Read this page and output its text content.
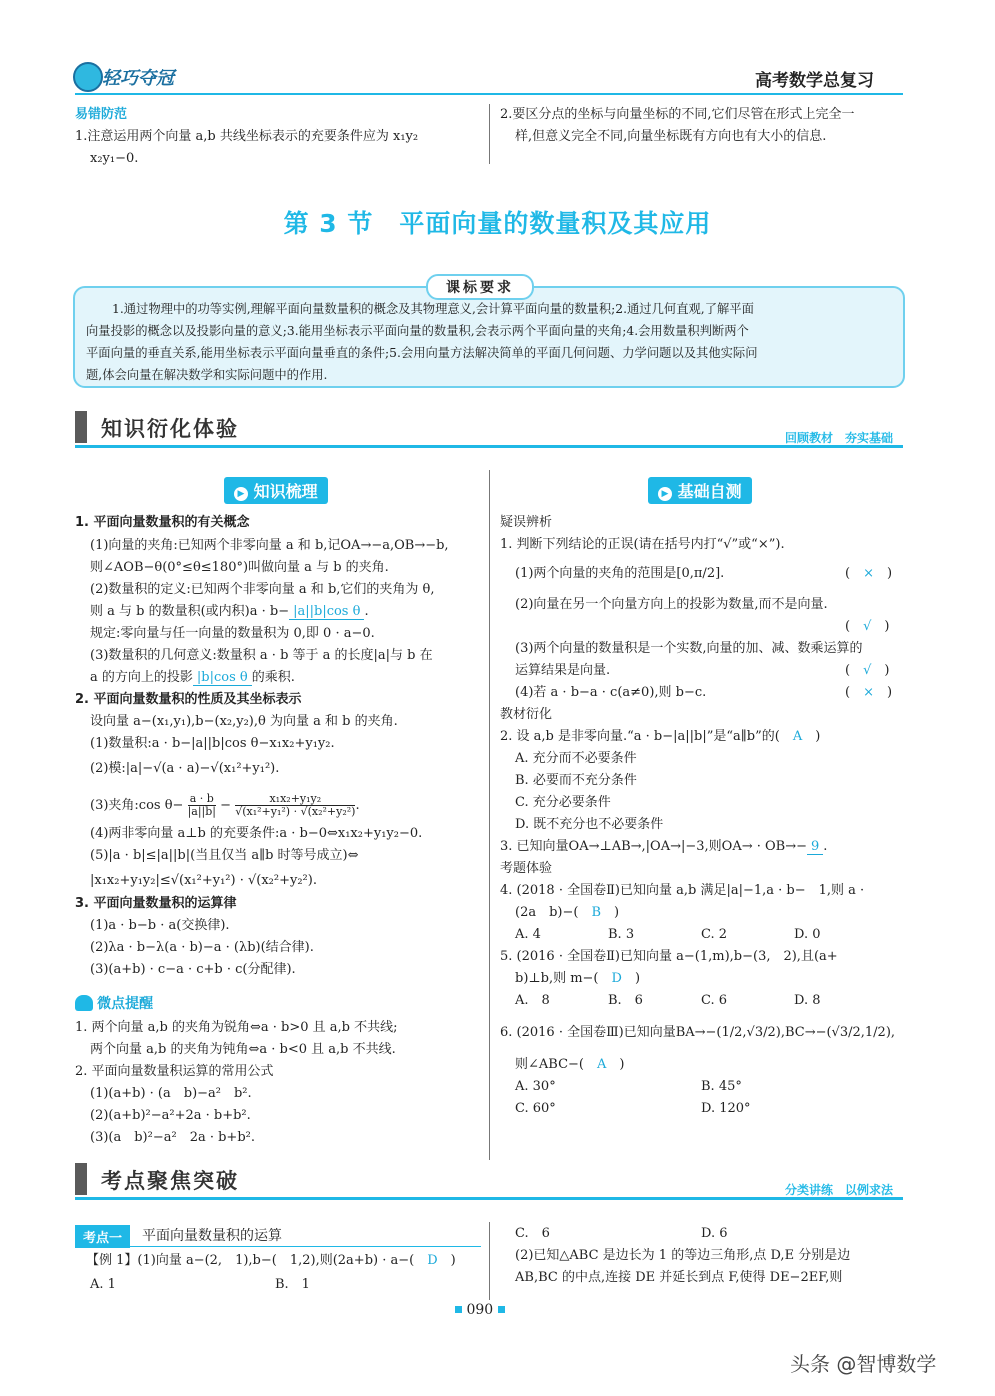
轻巧夺冠	高考数学总复习
易错防范
1.注意运用两个向量 a,b 共线坐标表示的充要条件应为 x₁y₂
x₂y₁−0.
2.要区分点的坐标与向量坐标的不同,它们尽管在形式上完全一
样,但意义完全不同,向量坐标既有方向也有大小的信息.
第 3 节　平面向量的数量积及其应用
课标要求
1.通过物理中的功等实例,理解平面向量数量积的概念及其物理意义,会计算平面向量的数量积;2.通过几何直观,了解平面
向量投影的概念以及投影向量的意义;3.能用坐标表示平面向量的数量积,会表示两个平面向量的夹角;4.会用数量积判断两个
平面向量的垂直关系,能用坐标表示平面向量垂直的条件;5.会用向量方法解决简单的平面几何问题、力学问题以及其他实际问
题,体会向量在解决数学和实际问题中的作用.
知识衍化体验	回顾教材　夯实基础
▶ 知识梳理
1. 平面向量数量积的有关概念
(1)向量的夹角:已知两个非零向量 a 和 b,记OA→−a,OB→−b,
则∠AOB−θ(0°≤θ≤180°)叫做向量 a 与 b 的夹角.
(2)数量积的定义:已知两个非零向量 a 和 b,它们的夹角为 θ,
则 a 与 b 的数量积(或内积)a · b− |a||b|cos θ .
规定:零向量与任一向量的数量积为 0,即 0 · a−0.
(3)数量积的几何意义:数量积 a · b 等于 a 的长度|a|与 b 在
a 的方向上的投影 |b|cos θ 的乘积.
2. 平面向量数量积的性质及其坐标表示
设向量 a−(x₁,y₁),b−(x₂,y₂),θ 为向量 a 和 b 的夹角.
(1)数量积:a · b−|a||b|cos θ−x₁x₂+y₁y₂.
(2)模:|a|−√(a · a)−√(x₁²+y₁²).
(3)夹角:cos $\theta- \frac{a \cdot b}{|a||b|} - \frac{\text{x₁x₂+y₁y₂}}{\text{√(x₁²+y₁²) · √(x₂²+y₂²)}}$ .
(4)两非零向量 a⊥b 的充要条件:a · b−0⇔x₁x₂+y₁y₂−0.
(5)|a · b|≤|a||b|(当且仅当 a∥b 时等号成立)⇔
|x₁x₂+y₁y₂|≤√(x₁²+y₁²) · √(x₂²+y₂²).
3. 平面向量数量积的运算律
(1)a · b−b · a(交换律).
(2)λa · b−λ(a · b)−a · (λb)(结合律).
(3)(a+b) · c−a · c+b · c(分配律).
微点提醒
1. 两个向量 a,b 的夹角为锐角⇔a · b>0 且 a,b 不共线;
两个向量 a,b 的夹角为钝角⇔a · b<0 且 a,b 不共线.
2. 平面向量数量积运算的常用公式
(1)(a+b) · (a　b)−a²　b².
(2)(a+b)²−a²+2a · b+b².
(3)(a　b)²−a²　2a · b+b².
▶ 基础自测
疑误辨析
1. 判断下列结论的正误(请在括号内打“√”或“×”).
(1)两个向量的夹角的范围是[0,π/2].	(　×　)
(2)向量在另一个向量方向上的投影为数量,而不是向量.
(　√　)
(3)两个向量的数量积是一个实数,向量的加、减、数乘运算的
运算结果是向量.	(　√　)
(4)若 a · b−a · c(a≠0),则 b−c.	(　×　)
教材衍化
2. 设 a,b 是非零向量.“a · b−|a||b|”是“a∥b”的(　 A　)
A. 充分而不必要条件
B. 必要而不充分条件
C. 充分必要条件
D. 既不充分也不必要条件
3. 已知向量OA→⊥AB→,|OA→|−3,则OA→ · OB→− 9 .
考题体验
4. (2018 · 全国卷Ⅱ)已知向量 a,b 满足|a|−1,a · b−　1,则 a ·
(2a　b)−(　 B　)
A. 4	B. 3	C. 2	D. 0
5. (2016 · 全国卷Ⅱ)已知向量 a−(1,m),b−(3,　2),且(a+
b)⊥b,则 m−(　 D　)
A.　8	B.　6	C. 6	D. 8
6. (2016 · 全国卷Ⅲ)已知向量BA→−(1/2,√3/2),BC→−(√3/2,1/2),
则∠ABC−(　 A　)
A. 30°	B. 45°
C. 60°	D. 120°
考点聚焦突破	分类讲练　以例求法
考点一	平面向量数量积的运算
【例 1】(1)向量 a−(2,　1),b−(　1,2),则(2a+b) · a−(　 D　)
A. 1	B.　1
C.　6	D. 6
(2)已知△ABC 是边长为 1 的等边三角形,点 D,E 分别是边
AB,BC 的中点,连接 DE 并延长到点 F,使得 DE−2EF,则
090
头条 @智博数学
